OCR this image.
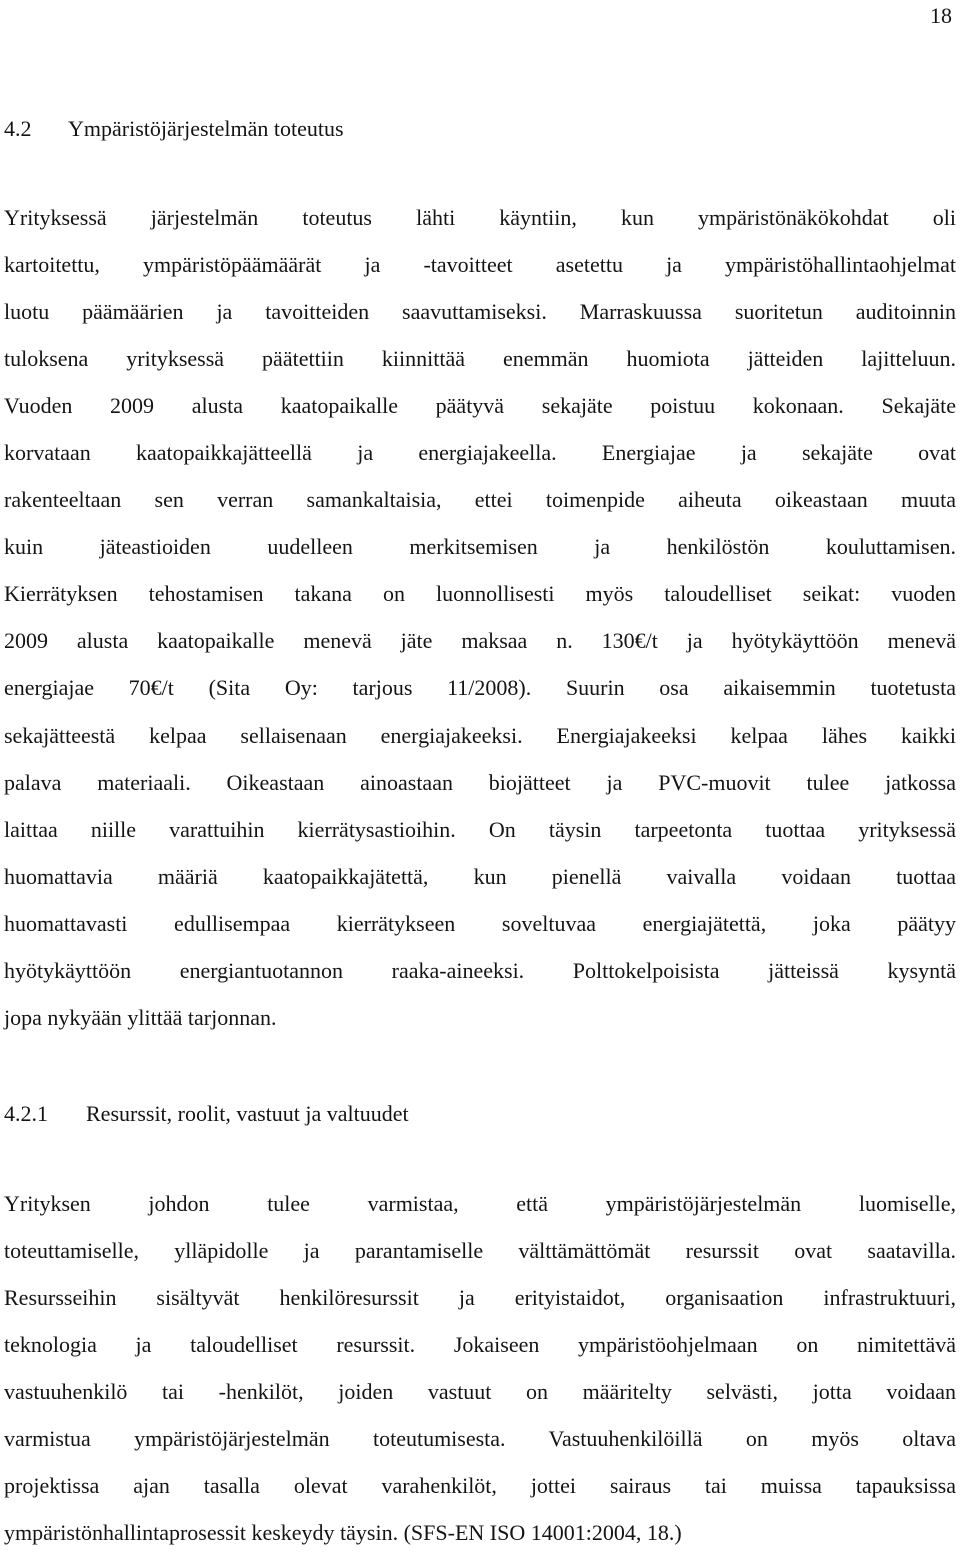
18
4.2 Ympäristöjärjestelmän toteutus
Yrityksessä järjestelmän toteutus lähti käyntiin, kun ympäristönäkökohdat oli
kartoitettu, ympäristöpäämäärät ja -tavoitteet asetettu ja ympäristöhallintaohjelmat
luotu päämäärien ja tavoitteiden saavuttamiseksi. Marraskuussa suoritetun auditoinnin
tuloksena yrityksessä päätettiin kiinnittää enemmän huomiota jätteiden lajitteluun.
Vuoden 2009 alusta kaatopaikalle päätyvä sekajäte poistuu kokonaan. Sekajäte
korvataan kaatopaikkajätteellä ja energiajakeella. Energiajae ja sekajäte ovat
rakenteeltaan sen verran samankaltaisia, ettei toimenpide aiheuta oikeastaan muuta
kuin jäteastioiden uudelleen merkitsemisen ja henkilöstön kouluttamisen.
Kierrätyksen tehostamisen takana on luonnollisesti myös taloudelliset seikat: vuoden
2009 alusta kaatopaikalle menevä jäte maksaa n. 130€/t ja hyötykäyttöön menevä
energiajae 70€/t (Sita Oy: tarjous 11/2008). Suurin osa aikaisemmin tuotetusta
sekajätteestä kelpaa sellaisenaan energiajakeeksi. Energiajakeeksi kelpaa lähes kaikki
palava materiaali. Oikeastaan ainoastaan biojätteet ja PVC-muovit tulee jatkossa
laittaa niille varattuihin kierrätysastioihin. On täysin tarpeetonta tuottaa yrityksessä
huomattavia määriä kaatopaikkajätettä, kun pienellä vaivalla voidaan tuottaa
huomattavasti edullisempaa kierrätykseen soveltuvaa energiajätettä, joka päätyy
hyötykäyttöön energiantuotannon raaka-aineeksi. Polttokelpoisista jätteissä kysyntä
jopa nykyään ylittää tarjonnan.
4.2.1 Resurssit, roolit, vastuut ja valtuudet
Yrityksen johdon tulee varmistaa, että ympäristöjärjestelmän luomiselle,
toteuttamiselle, ylläpidolle ja parantamiselle välttämättömät resurssit ovat saatavilla.
Resursseihin sisältyvät henkilöresurssit ja erityistaidot, organisaation infrastruktuuri,
teknologia ja taloudelliset resurssit. Jokaiseen ympäristöohjelmaan on nimitettävä
vastuuhenkilö tai -henkilöt, joiden vastuut on määritelty selvästi, jotta voidaan
varmistua ympäristöjärjestelmän toteutumisesta. Vastuuhenkilöillä on myös oltava
projektissa ajan tasalla olevat varahenkilöt, jottei sairaus tai muissa tapauksissa
ympäristönhallintaprosessit keskeydy täysin. (SFS-EN ISO 14001:2004, 18.)
